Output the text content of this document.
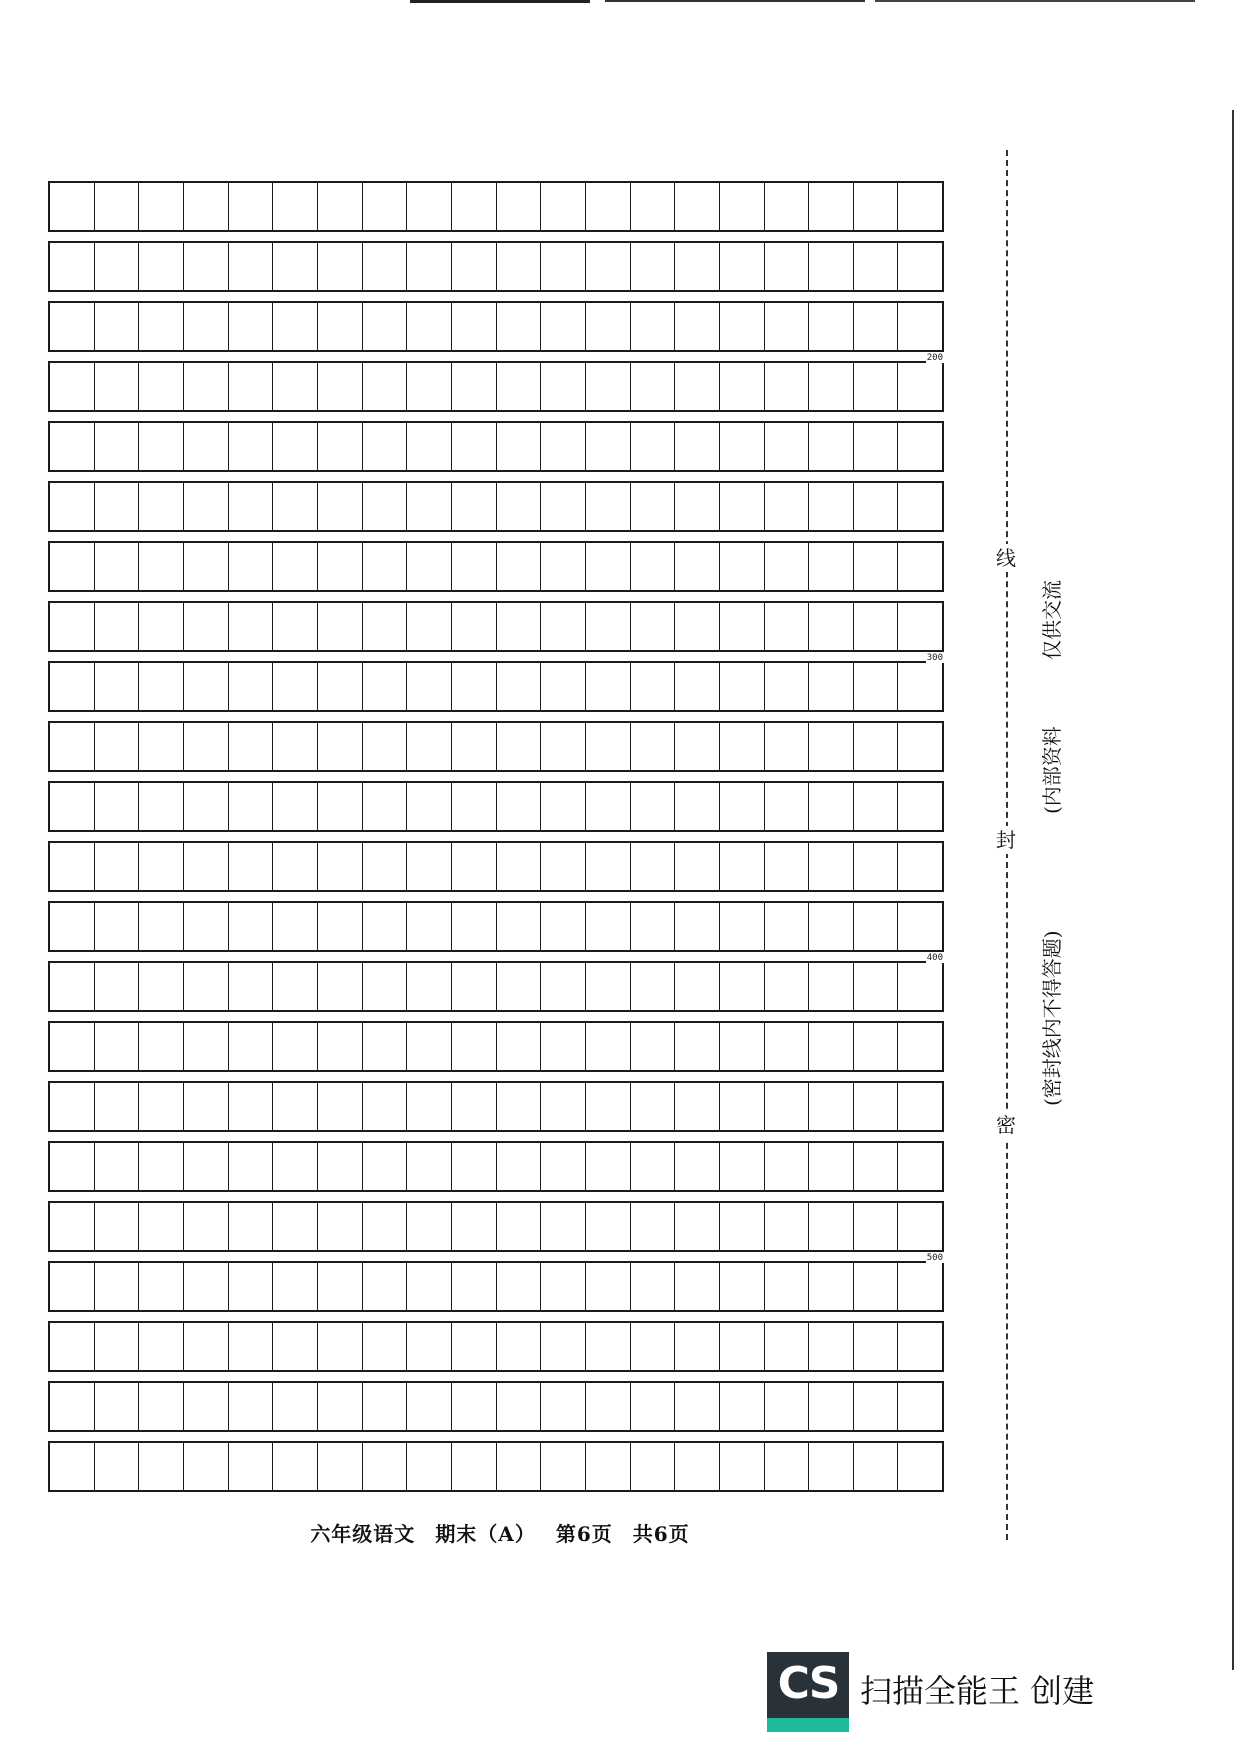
200
300
400
500
六年级语文 期末（A） 第6页 共6页
线
封
密
仅供交流
(内部资料
(密封线内不得答题)
CS 扫描全能王 创建
